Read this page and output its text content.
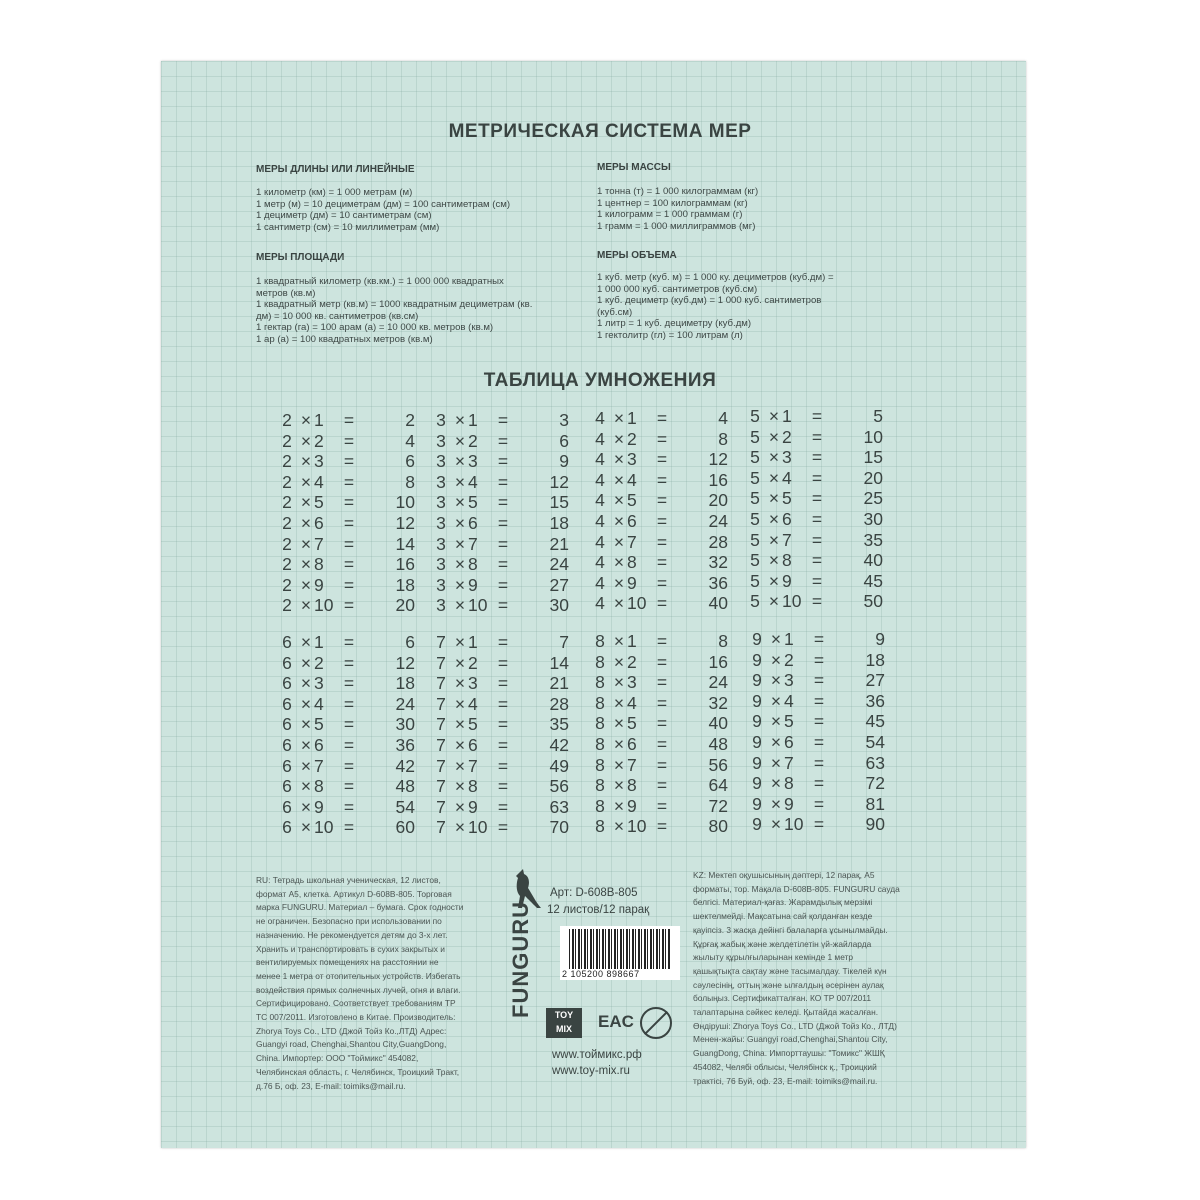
МЕТРИЧЕСКАЯ СИСТЕМА МЕР
МЕРЫ ДЛИНЫ ИЛИ ЛИНЕЙНЫЕ
1 километр (км) = 1 000 метрам (м)
1 метр (м) = 10 дециметрам (дм) = 100 сантиметрам (см)
1 дециметр (дм) = 10 сантиметрам (см)
1 сантиметр (см) = 10 миллиметрам (мм)
МЕРЫ ПЛОЩАДИ
1 квадратный километр (кв.км.) = 1 000 000 квадратных
метров (кв.м)
1 квадратный метр (кв.м) = 1000 квадратным дециметрам (кв.
дм) = 10 000 кв. сантиметров (кв.см)
1 гектар (га) = 100 арам (а) = 10 000 кв. метров (кв.м)
1 ар (а) = 100 квадратных метров (кв.м)
МЕРЫ МАССЫ
1 тонна (т) = 1 000 килограммам (кг)
1 центнер = 100 килограммам (кг)
1 килограмм = 1 000 граммам (г)
1 грамм = 1 000 миллиграммов (мг)
МЕРЫ ОБЪЕМА
1 куб. метр (куб. м) = 1 000 ку. дециметров (куб.дм) =
1 000 000 куб. сантиметров (куб.см)
1 куб. дециметр (куб.дм) = 1 000 куб. сантиметров
(куб.см)
1 литр = 1 куб. дециметру (куб.дм)
1 гектолитр (гл) = 100 литрам (л)
ТАБЛИЦА УМНОЖЕНИЯ
2 × 1	=	2
2 × 2	=	4
2 × 3	=	6
2 × 4	=	8
2 × 5	=	10
2 × 6	=	12
2 × 7	=	14
2 × 8	=	16
2 × 9	=	18
2 × 10 =	20
3 × 1	=	3
3 × 2	=	6
3 × 3	=	9
3 × 4	=	12
3 × 5	=	15
3 × 6	=	18
3 × 7	=	21
3 × 8	=	24
3 × 9	=	27
3 × 10 =	30
4 × 1	=	4
4 × 2	=	8
4 × 3	=	12
4 × 4	=	16
4 × 5	=	20
4 × 6	=	24
4 × 7	=	28
4 × 8	=	32
4 × 9	=	36
4 × 10 =	40
5 × 1	=	5
5 × 2	=	10
5 × 3	=	15
5 × 4	=	20
5 × 5	=	25
5 × 6	=	30
5 × 7	=	35
5 × 8	=	40
5 × 9	=	45
5 × 10 =	50
6 × 1	=	6
6 × 2	=	12
6 × 3	=	18
6 × 4	=	24
6 × 5	=	30
6 × 6	=	36
6 × 7	=	42
6 × 8	=	48
6 × 9	=	54
6 × 10 =	60
7 × 1	=	7
7 × 2	=	14
7 × 3	=	21
7 × 4	=	28
7 × 5	=	35
7 × 6	=	42
7 × 7	=	49
7 × 8	=	56
7 × 9	=	63
7 × 10 =	70
8 × 1	=	8
8 × 2	=	16
8 × 3	=	24
8 × 4	=	32
8 × 5	=	40
8 × 6	=	48
8 × 7	=	56
8 × 8	=	64
8 × 9	=	72
8 × 10 =	80
9 × 1	=	9
9 × 2	=	18
9 × 3	=	27
9 × 4	=	36
9 × 5	=	45
9 × 6	=	54
9 × 7	=	63
9 × 8	=	72
9 × 9	=	81
9 × 10 =	90
RU: Тетрадь школьная ученическая, 12 листов,
формат А5, клетка. Артикул D-608В-805. Торговая
марка FUNGURU. Материал – бумага. Срок годности
не ограничен. Безопасно при использовании по
назначению. Не рекомендуется детям до 3-х лет.
Хранить и транспортировать в сухих закрытых и
вентилируемых помещениях на расстоянии не
менее 1 метра от отопительных устройств. Избегать
воздействия прямых солнечных лучей, огня и влаги.
Сертифицировано. Соответствует требованиям ТР
ТС 007/2011. Изготовлено в Китае. Производитель:
Zhorya Toys Co., LTD (Джой Тойз Ко.,ЛТД) Адрес:
Guangyi road, Chenghai,Shantou City,GuangDong,
China. Импортер: ООО "Тоймикс" 454082,
Челябинская область, г. Челябинск, Троицкий Тракт,
д.76 Б, оф. 23, E-mail: toimiks@mail.ru.
KZ: Мектеп оқушысының дәптері, 12 парақ, А5
форматы, тор. Мақала D-608В-805. FUNGURU сауда
белгісі. Материал-қағаз. Жарамдылық мерзімі
шектелмейді. Мақсатына сай қолданған кезде
қауіпсіз. 3 жасқа дейінгі балаларға ұсынылмайды.
Құрғақ жабық және желдетілетін үй-жайларда
жылыту құрылғыларынан кемінде 1 метр
қашықтықта сақтау және тасымалдау. Тікелей күн
сәулесінің, оттың және ылғалдың әсерінен аулақ
болыңыз. Сертификатталған. КО ТР 007/2011
талаптарына сәйкес келеді. Қытайда жасалған.
Өндіруші: Zhorya Toys Co., LTD (Джой Тойз Ко., ЛТД)
Менен-жайы: Guangyi road,Chenghai,Shantou City,
GuangDong, China. Импорттаушы: "Томикс" ЖШҚ
454082, Челябі облысы, Челябінск қ., Троицкий
трактісі, 76 Буй, оф. 23, E-mail: toimiks@mail.ru.
FUNGURU
Арт: D-608В-805
12 листов/12 парақ
2 105200 898667
TOY
MIX	EAC
www.тоймикс.рф
www.toy-mix.ru
